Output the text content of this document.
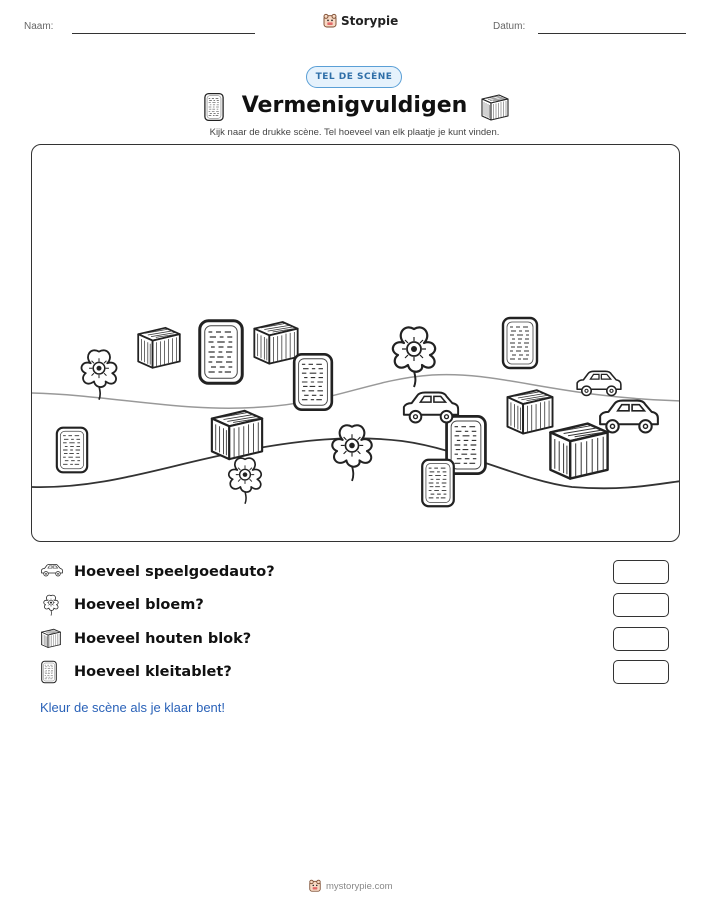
Naam:	Storypie	Datum:
TEL DE SCÈNE
Vermenigvuldigen
Kijk naar de drukke scène. Tel hoeveel van elk plaatje je kunt vinden.
Hoeveel speelgoedauto?
Hoeveel bloem?
Hoeveel houten blok?
Hoeveel kleitablet?
Kleur de scène als je klaar bent!
mystorypie.com
